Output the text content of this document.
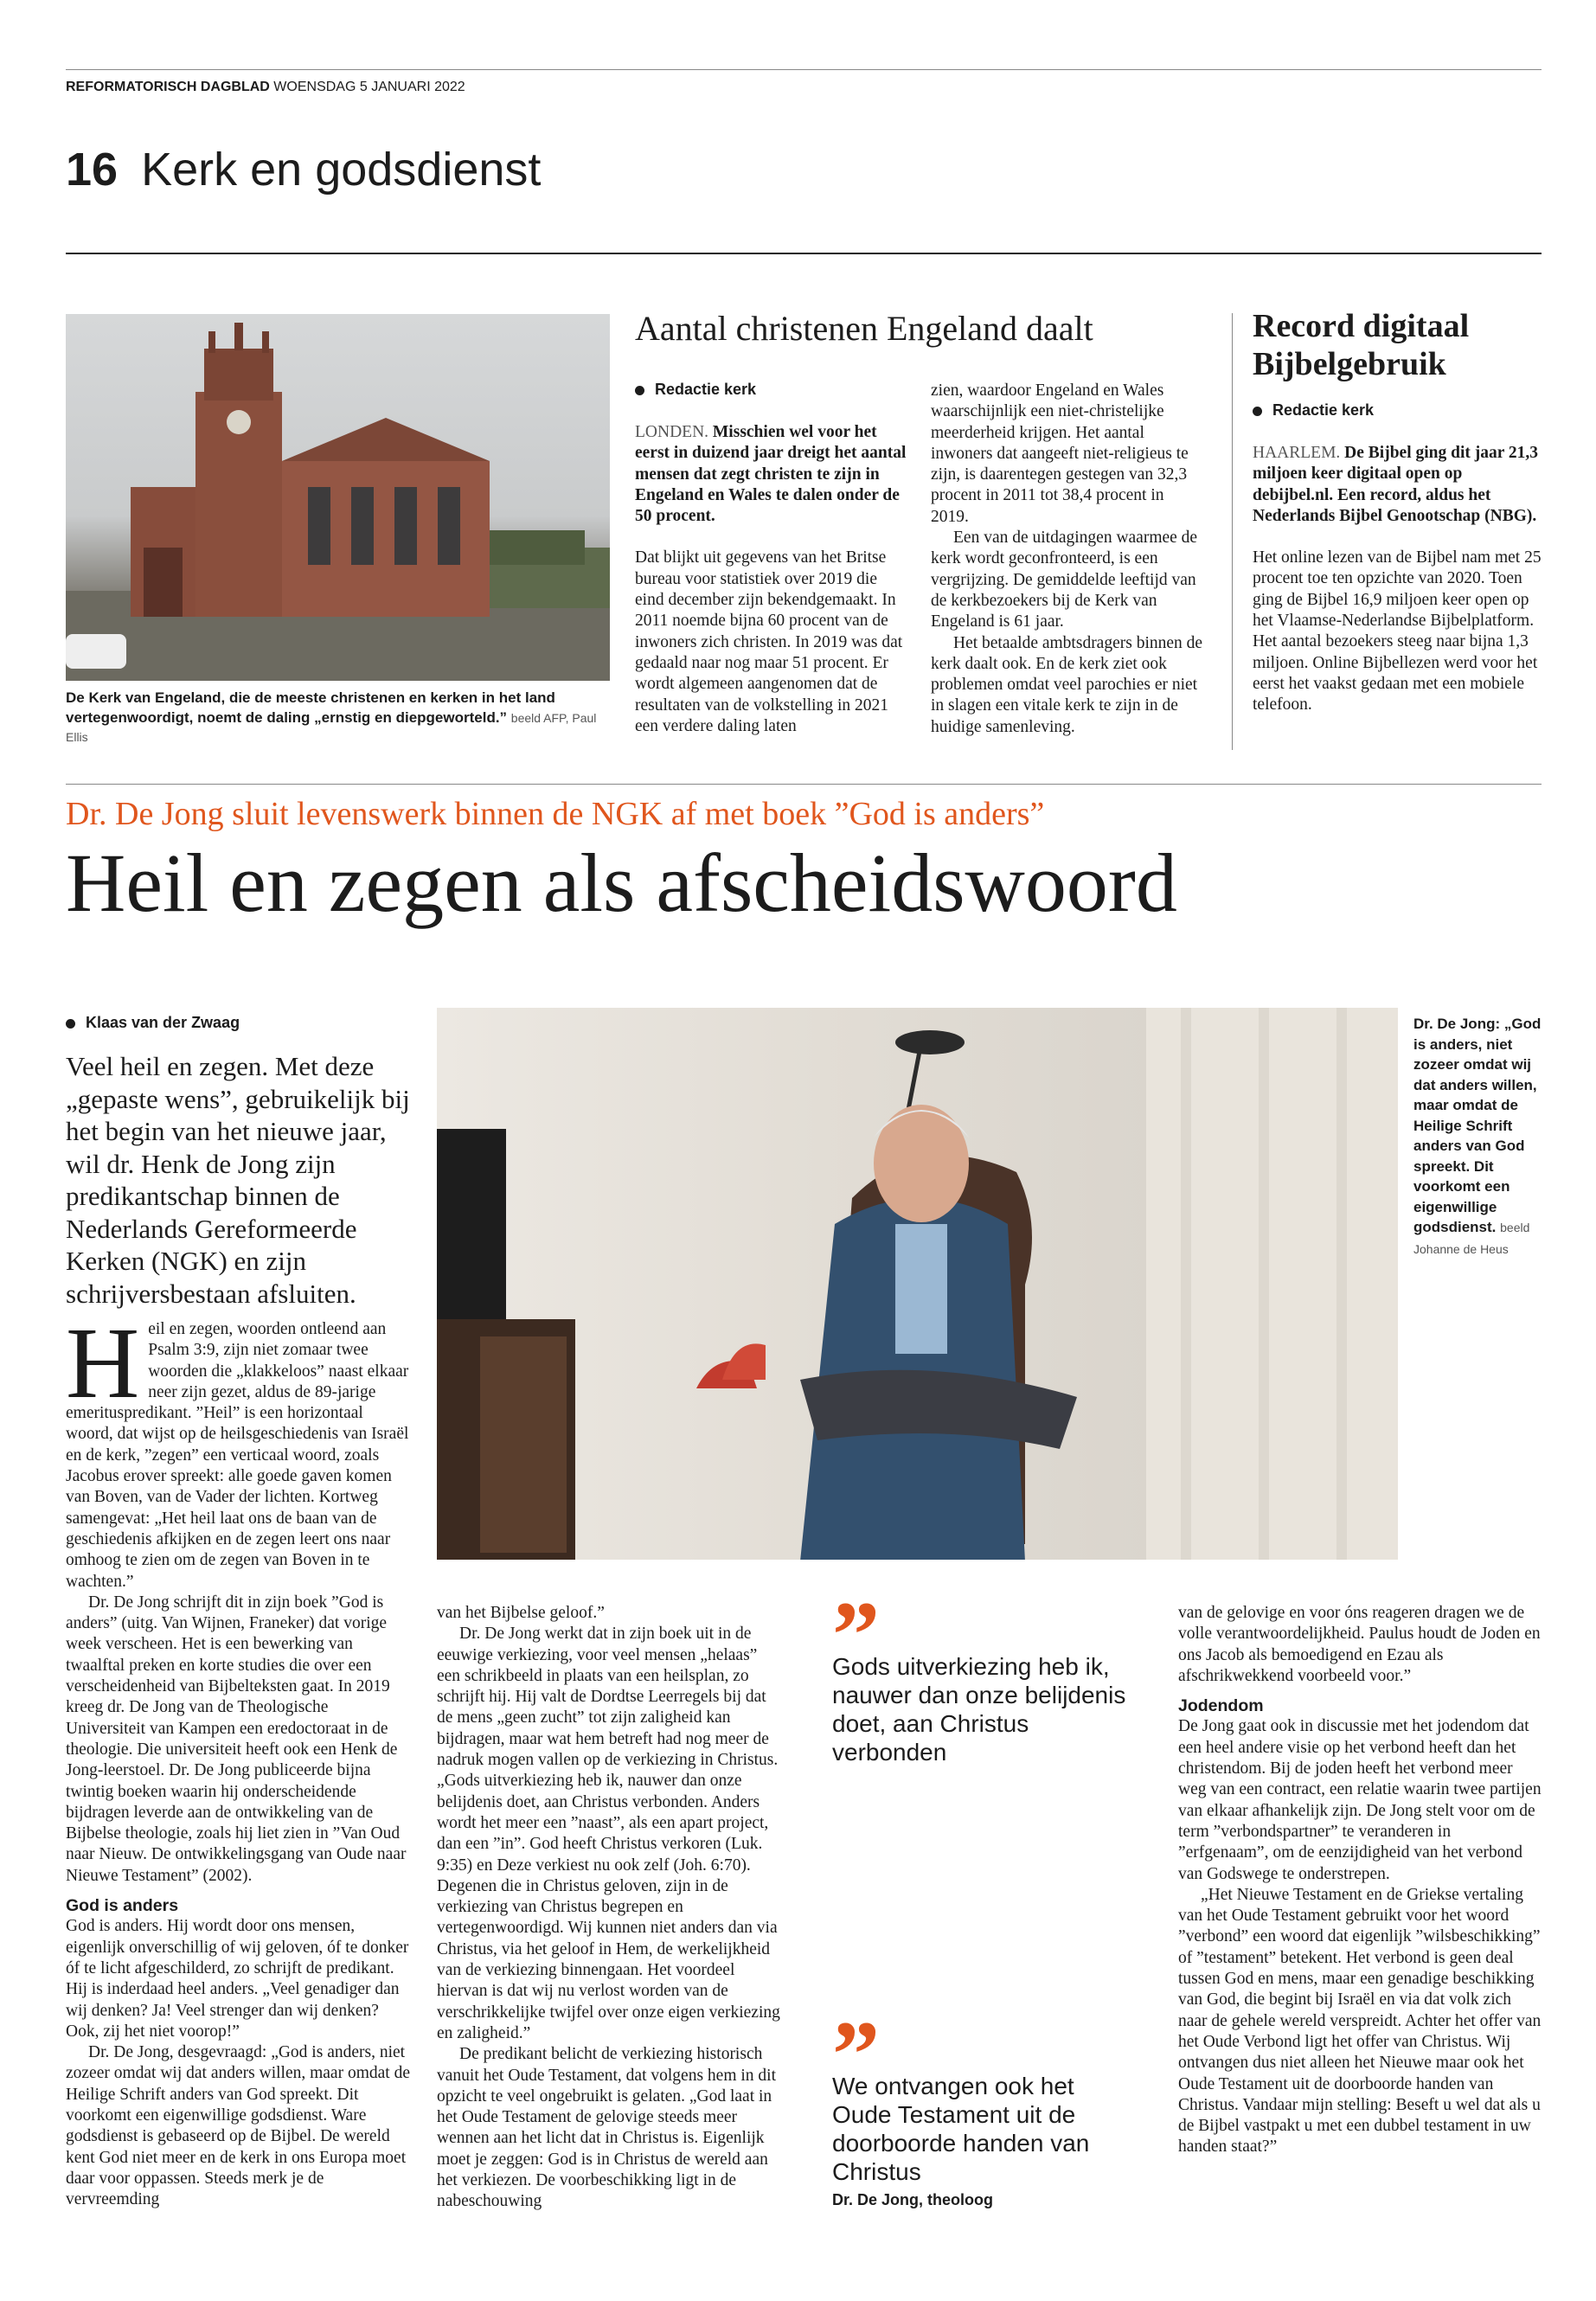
REFORMATORISCH DAGBLAD WOENSDAG 5 JANUARI 2022
16 Kerk en godsdienst
De Kerk van Engeland, die de meeste christenen en kerken in het land vertegenwoordigt, noemt de daling „ernstig en diepgeworteld.” beeld AFP, Paul Ellis
Aantal christenen Engeland daalt
Redactie kerk

LONDEN. Misschien wel voor het eerst in duizend jaar dreigt het aantal mensen dat zegt christen te zijn in Engeland en Wales te dalen onder de 50 procent.

Dat blijkt uit gegevens van het Britse bureau voor statistiek over 2019 die eind december zijn bekendgemaakt. In 2011 noemde bijna 60 procent van de inwoners zich christen. In 2019 was dat gedaald naar nog maar 51 procent. Er wordt algemeen aangenomen dat de resultaten van de volkstelling in 2021 een verdere daling laten

zien, waardoor Engeland en Wales waarschijnlijk een niet-christelijke meerderheid krijgen. Het aantal inwoners dat aangeeft niet-religieus te zijn, is daarentegen gestegen van 32,3 procent in 2011 tot 38,4 procent in 2019.

Een van de uitdagingen waarmee de kerk wordt geconfronteerd, is een vergrijzing. De gemiddelde leeftijd van de kerkbezoekers bij de Kerk van Engeland is 61 jaar.

Het betaalde ambtsdragers binnen de kerk daalt ook. En de kerk ziet ook problemen omdat veel parochies er niet in slagen een vitale kerk te zijn in de huidige samenleving.

Record digitaal Bijbelgebruik
Redactie kerk

HAARLEM. De Bijbel ging dit jaar 21,3 miljoen keer digitaal open op debijbel.nl. Een record, aldus het Nederlands Bijbel Genootschap (NBG).

Het online lezen van de Bijbel nam met 25 procent toe ten opzichte van 2020. Toen ging de Bijbel 16,9 miljoen keer open op het Vlaamse-Nederlandse Bijbelplatform. Het aantal bezoekers steeg naar bijna 1,3 miljoen. Online Bijbellezen werd voor het eerst het vaakst gedaan met een mobiele telefoon.

Dr. De Jong sluit levenswerk binnen de NGK af met boek ”God is anders”
Heil en zegen als afscheidswoord
Klaas van der Zwaag
Veel heil en zegen. Met deze „gepaste wens”, gebruikelijk bij het begin van het nieuwe jaar, wil dr. Henk de Jong zijn predikantschap binnen de Nederlands Gereformeerde Kerken (NGK) en zijn schrijversbestaan afsluiten.
Dr. De Jong: „God is anders, niet zozeer omdat wij dat anders willen, maar omdat de Heilige Schrift anders van God spreekt. Dit voorkomt een eigenwillige godsdienst. beeld Johanne de Heus

Heil en zegen, woorden ontleend aan Psalm 3:9, zijn niet zomaar twee woorden die „klakkeloos” naast elkaar neer zijn gezet, aldus de 89-jarige emerituspredikant. ”Heil” is een horizontaal woord, dat wijst op de heilsgeschiedenis van Israël en de kerk, ”zegen” een verticaal woord, zoals Jacobus erover spreekt: alle goede gaven komen van Boven, van de Vader der lichten. Kortweg samengevat: „Het heil laat ons de baan van de geschiedenis afkijken en de zegen leert ons naar omhoog te zien om de zegen van Boven in te wachten.”

Dr. De Jong schrijft dit in zijn boek ”God is anders” (uitg. Van Wijnen, Franeker) dat vorige week verscheen. Het is een bewerking van twaalftal preken en korte studies die over een verscheidenheid van Bijbelteksten gaat. In 2019 kreeg dr. De Jong van de Theologische Universiteit van Kampen een eredoctoraat in de theologie. Die universiteit heeft ook een Henk de Jong-leerstoel. Dr. De Jong publiceerde bijna twintig boeken waarin hij onderscheidende bijdragen leverde aan de ontwikkeling van de Bijbelse theologie, zoals hij liet zien in ”Van Oud naar Nieuw. De ontwikkelingsgang van Oude naar Nieuwe Testament” (2002).

God is anders

God is anders. Hij wordt door ons mensen, eigenlijk onverschillig of wij geloven, óf te donker óf te licht afgeschilderd, zo schrijft de predikant. Hij is inderdaad heel anders. „Veel genadiger dan wij denken? Ja! Veel strenger dan wij denken? Ook, zij het niet voorop!”

Dr. De Jong, desgevraagd: „God is anders, niet zozeer omdat wij dat anders willen, maar omdat de Heilige Schrift anders van God spreekt. Dit voorkomt een eigenwillige godsdienst. Ware godsdienst is gebaseerd op de Bijbel. De wereld kent God niet meer en de kerk in ons Europa moet daar voor oppassen. Steeds merk je de vervreemding

van het Bijbelse geloof.”

Dr. De Jong werkt dat in zijn boek uit in de eeuwige verkiezing, voor veel mensen „helaas” een schrikbeeld in plaats van een heilsplan, zo schrijft hij. Hij valt de Dordtse Leerregels bij dat de mens „geen zucht” tot zijn zaligheid kan bijdragen, maar wat hem betreft had nog meer de nadruk mogen vallen op de verkiezing in Christus. „Gods uitverkiezing heb ik, nauwer dan onze belijdenis doet, aan Christus verbonden. Anders wordt het meer een ”naast”, als een apart project, dan een ”in”. God heeft Christus verkoren (Luk. 9:35) en Deze verkiest nu ook zelf (Joh. 6:70). Degenen die in Christus geloven, zijn in de verkiezing van Christus begrepen en vertegenwoordigd. Wij kunnen niet anders dan via Christus, via het geloof in Hem, de werkelijkheid van de verkiezing binnengaan. Het voordeel hiervan is dat wij nu verlost worden van de verschrikkelijke twijfel over onze eigen verkiezing en zaligheid.”

De predikant belicht de verkiezing historisch vanuit het Oude Testament, dat volgens hem in dit opzicht te veel ongebruikt is gelaten. „God laat in het Oude Testament de gelovige steeds meer wennen aan het licht dat in Christus is. Eigenlijk moet je zeggen: God is in Christus de wereld aan het verkiezen. De voorbeschikking ligt in de nabeschouwing

”
Gods uitverkiezing heb ik, nauwer dan onze belijdenis doet, aan Christus verbonden
”
We ontvangen ook het Oude Testament uit de doorboorde handen van Christus
Dr. De Jong, theoloog

van de gelovige en voor óns reageren dragen we de volle verantwoordelijkheid. Paulus houdt de Joden en ons Jacob als bemoedigend en Ezau als afschrikwekkend voorbeeld voor.”

Jodendom

De Jong gaat ook in discussie met het jodendom dat een heel andere visie op het verbond heeft dan het christendom. Bij de joden heeft het verbond meer weg van een contract, een relatie waarin twee partijen van elkaar afhankelijk zijn. De Jong stelt voor om de term ”verbondspartner” te veranderen in ”erfgenaam”, om de eenzijdigheid van het verbond van Godswege te onderstrepen.

„Het Nieuwe Testament en de Griekse vertaling van het Oude Testament gebruikt voor het woord ”verbond” een woord dat eigenlijk ”wilsbeschikking” of ”testament” betekent. Het verbond is geen deal tussen God en mens, maar een genadige beschikking van God, die begint bij Israël en via dat volk zich naar de gehele wereld verspreidt. Achter het offer van het Oude Verbond ligt het offer van Christus. Wij ontvangen dus niet alleen het Nieuwe maar ook het Oude Testament uit de doorboorde handen van Christus. Vandaar mijn stelling: Beseft u wel dat als u de Bijbel vastpakt u met een dubbel testament in uw handen staat?”
